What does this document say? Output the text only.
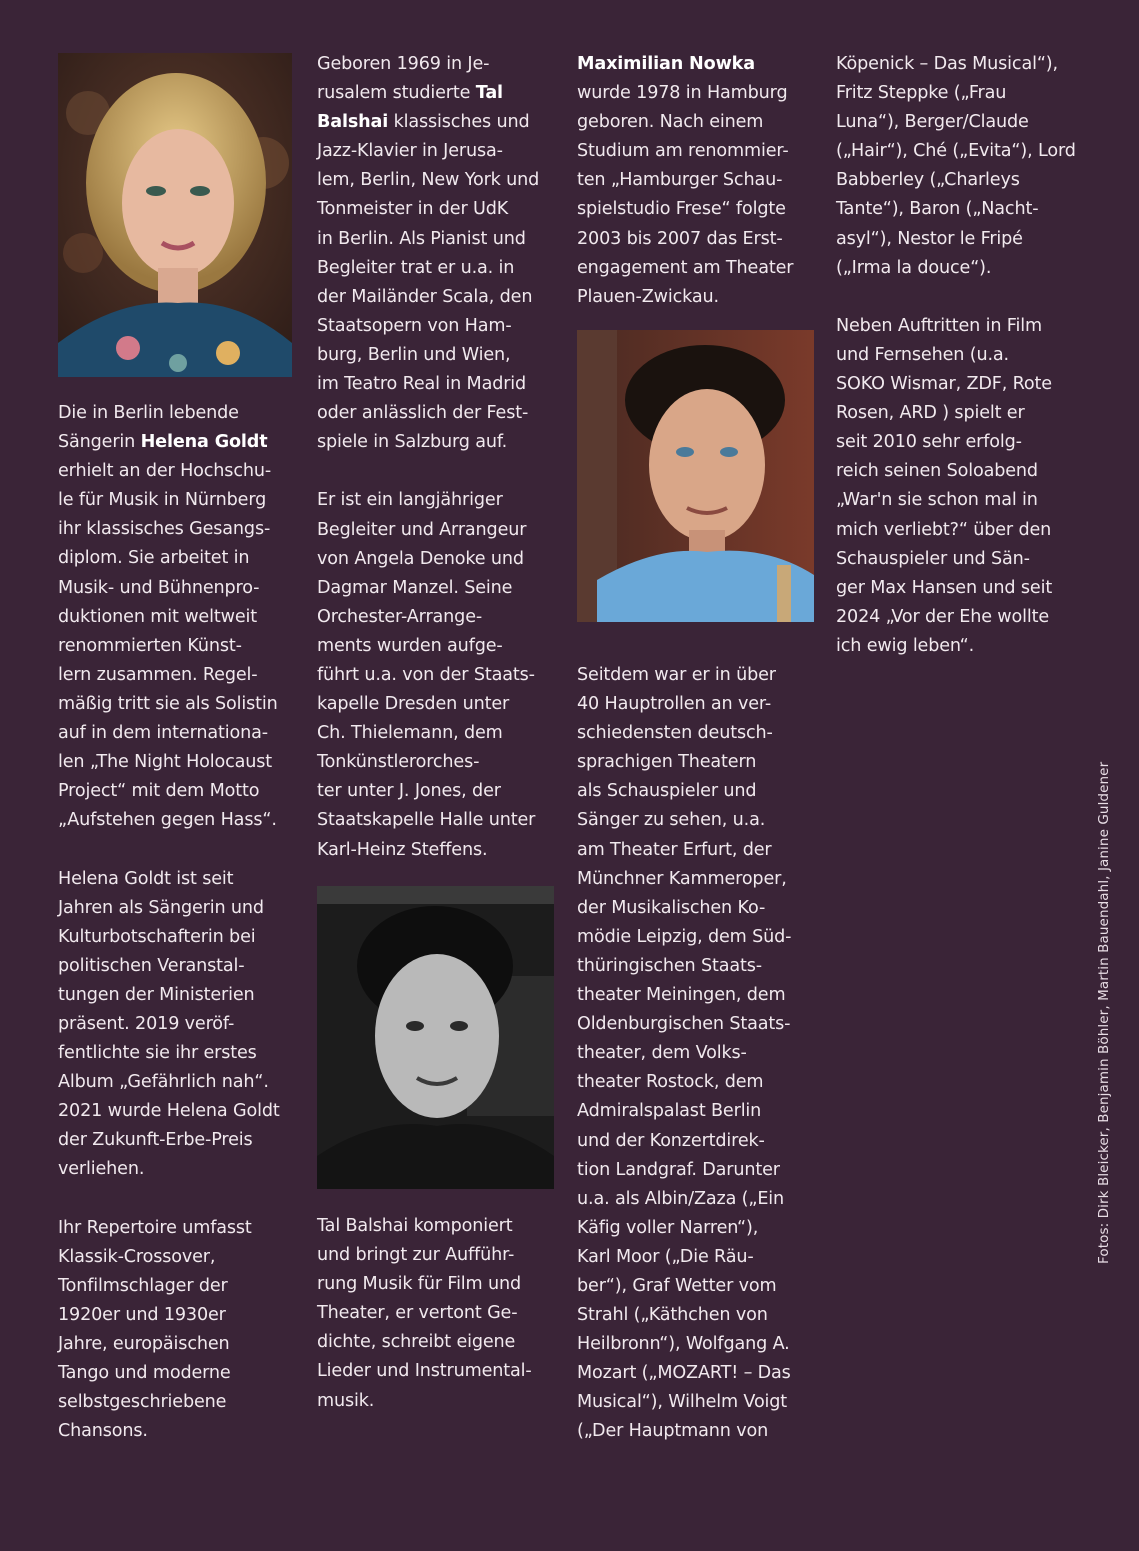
Die in Berlin lebende
Sängerin Helena Goldt
erhielt an der Hochschu-
le für Musik in Nürnberg
ihr klassisches Gesangs-
diplom. Sie arbeitet in
Musik- und Bühnenpro-
duktionen mit weltweit
renommierten Künst-
lern zusammen. Regel-
mäßig tritt sie als Solistin
auf in dem internationa-
len „The Night Holocaust
Project“ mit dem Motto
„Aufstehen gegen Hass“.
Helena Goldt ist seit
Jahren als Sängerin und
Kulturbotschafterin bei
politischen Veranstal-
tungen der Ministerien
präsent. 2019 veröf-
fentlichte sie ihr erstes
Album „Gefährlich nah“.
2021 wurde Helena Goldt
der Zukunft-Erbe-Preis
verliehen.
Ihr Repertoire umfasst
Klassik-Crossover,
Tonfilmschlager der
1920er und 1930er
Jahre, europäischen
Tango und moderne
selbstgeschriebene
Chansons.
Geboren 1969 in Je-
rusalem studierte Tal
Balshai klassisches und
Jazz-Klavier in Jerusa-
lem, Berlin, New York und
Tonmeister in der UdK
in Berlin. Als Pianist und
Begleiter trat er u.a. in
der Mailänder Scala, den
Staatsopern von Ham-
burg, Berlin und Wien,
im Teatro Real in Madrid
oder anlässlich der Fest-
spiele in Salzburg auf.
Er ist ein langjähriger
Begleiter und Arrangeur
von Angela Denoke und
Dagmar Manzel. Seine
Orchester-Arrange-
ments wurden aufge-
führt u.a. von der Staats-
kapelle Dresden unter
Ch. Thielemann, dem
Tonkünstlerorches-
ter unter J. Jones, der
Staatskapelle Halle unter
Karl-Heinz Steffens.
Tal Balshai komponiert
und bringt zur Aufführ-
rung Musik für Film und
Theater, er vertont Ge-
dichte, schreibt eigene
Lieder und Instrumental-
musik.
Maximilian Nowka
wurde 1978 in Hamburg
geboren. Nach einem
Studium am renommier-
ten „Hamburger Schau-
spielstudio Frese“ folgte
2003 bis 2007 das Erst-
engagement am Theater
Plauen-Zwickau.
Seitdem war er in über
40 Hauptrollen an ver-
schiedensten deutsch-
sprachigen Theatern
als Schauspieler und
Sänger zu sehen, u.a.
am Theater Erfurt, der
Münchner Kammeroper,
der Musikalischen Ko-
mödie Leipzig, dem Süd-
thüringischen Staats-
theater Meiningen, dem
Oldenburgischen Staats-
theater, dem Volks-
theater Rostock, dem
Admiralspalast Berlin
und der Konzertdirek-
tion Landgraf. Darunter
u.a. als Albin/Zaza („Ein
Käfig voller Narren“),
Karl Moor („Die Räu-
ber“), Graf Wetter vom
Strahl („Käthchen von
Heilbronn“), Wolfgang A.
Mozart („MOZART! – Das
Musical“), Wilhelm Voigt
(„Der Hauptmann von
Köpenick – Das Musical“),
Fritz Steppke („Frau
Luna“), Berger/Claude
(„Hair“), Ché („Evita“), Lord
Babberley („Charleys
Tante“), Baron („Nacht-
asyl“), Nestor le Fripé
(„Irma la douce“).
Neben Auftritten in Film
und Fernsehen (u.a.
SOKO Wismar, ZDF, Rote
Rosen, ARD ) spielt er
seit 2010 sehr erfolg-
reich seinen Soloabend
„War'n sie schon mal in
mich verliebt?“ über den
Schauspieler und Sän-
ger Max Hansen und seit
2024 „Vor der Ehe wollte
ich ewig leben“.
Fotos: Dirk Bleicker, Benjamin Böhler, Martin Bauendahl, Janine Guldener
